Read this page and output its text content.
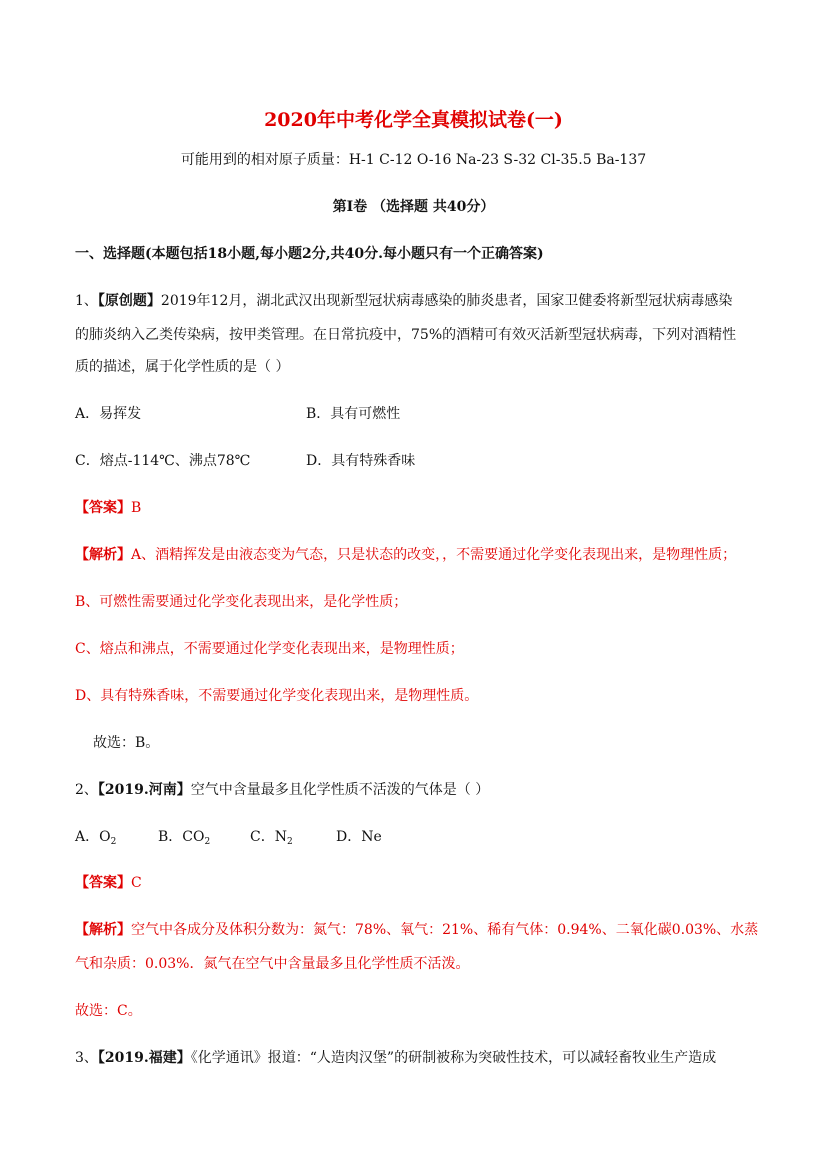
2020年中考化学全真模拟试卷(一)
可能用到的相对原子质量：H-1 C-12 O-16 Na-23 S-32 Cl-35.5 Ba-137
第Ⅰ卷 （选择题 共40分）
一、选择题(本题包括18小题,每小题2分,共40分.每小题只有一个正确答案)
1、【原创题】2019年12月，湖北武汉出现新型冠状病毒感染的肺炎患者，国家卫健委将新型冠状病毒感染
的肺炎纳入乙类传染病，按甲类管理。在日常抗疫中，75%的酒精可有效灭活新型冠状病毒，下列对酒精性
质的描述，属于化学性质的是（ ）
A．易挥发	B．具有可燃性
C．熔点-114℃、沸点78℃	D．具有特殊香味
【答案】B
【解析】A、酒精挥发是由液态变为气态，只是状态的改变，，不需要通过化学变化表现出来，是物理性质；
B、可燃性需要通过化学变化表现出来，是化学性质；
C、熔点和沸点，不需要通过化学变化表现出来，是物理性质；
D、具有特殊香味，不需要通过化学变化表现出来，是物理性质。
故选：B。
2、【2019.河南】空气中含量最多且化学性质不活泼的气体是（ ）
A．$O_2$	B．$CO_2$	C．$N_2$	D．Ne
【答案】C
【解析】空气中各成分及体积分数为：氮气：78%、氧气：21%、稀有气体：0.94%、二氧化碳0.03%、水蒸
气和杂质：0.03%．氮气在空气中含量最多且化学性质不活泼。
故选：C。
3、【2019.福建】《化学通讯》报道：“人造肉汉堡”的研制被称为突破性技术，可以减轻畜牧业生产造成
